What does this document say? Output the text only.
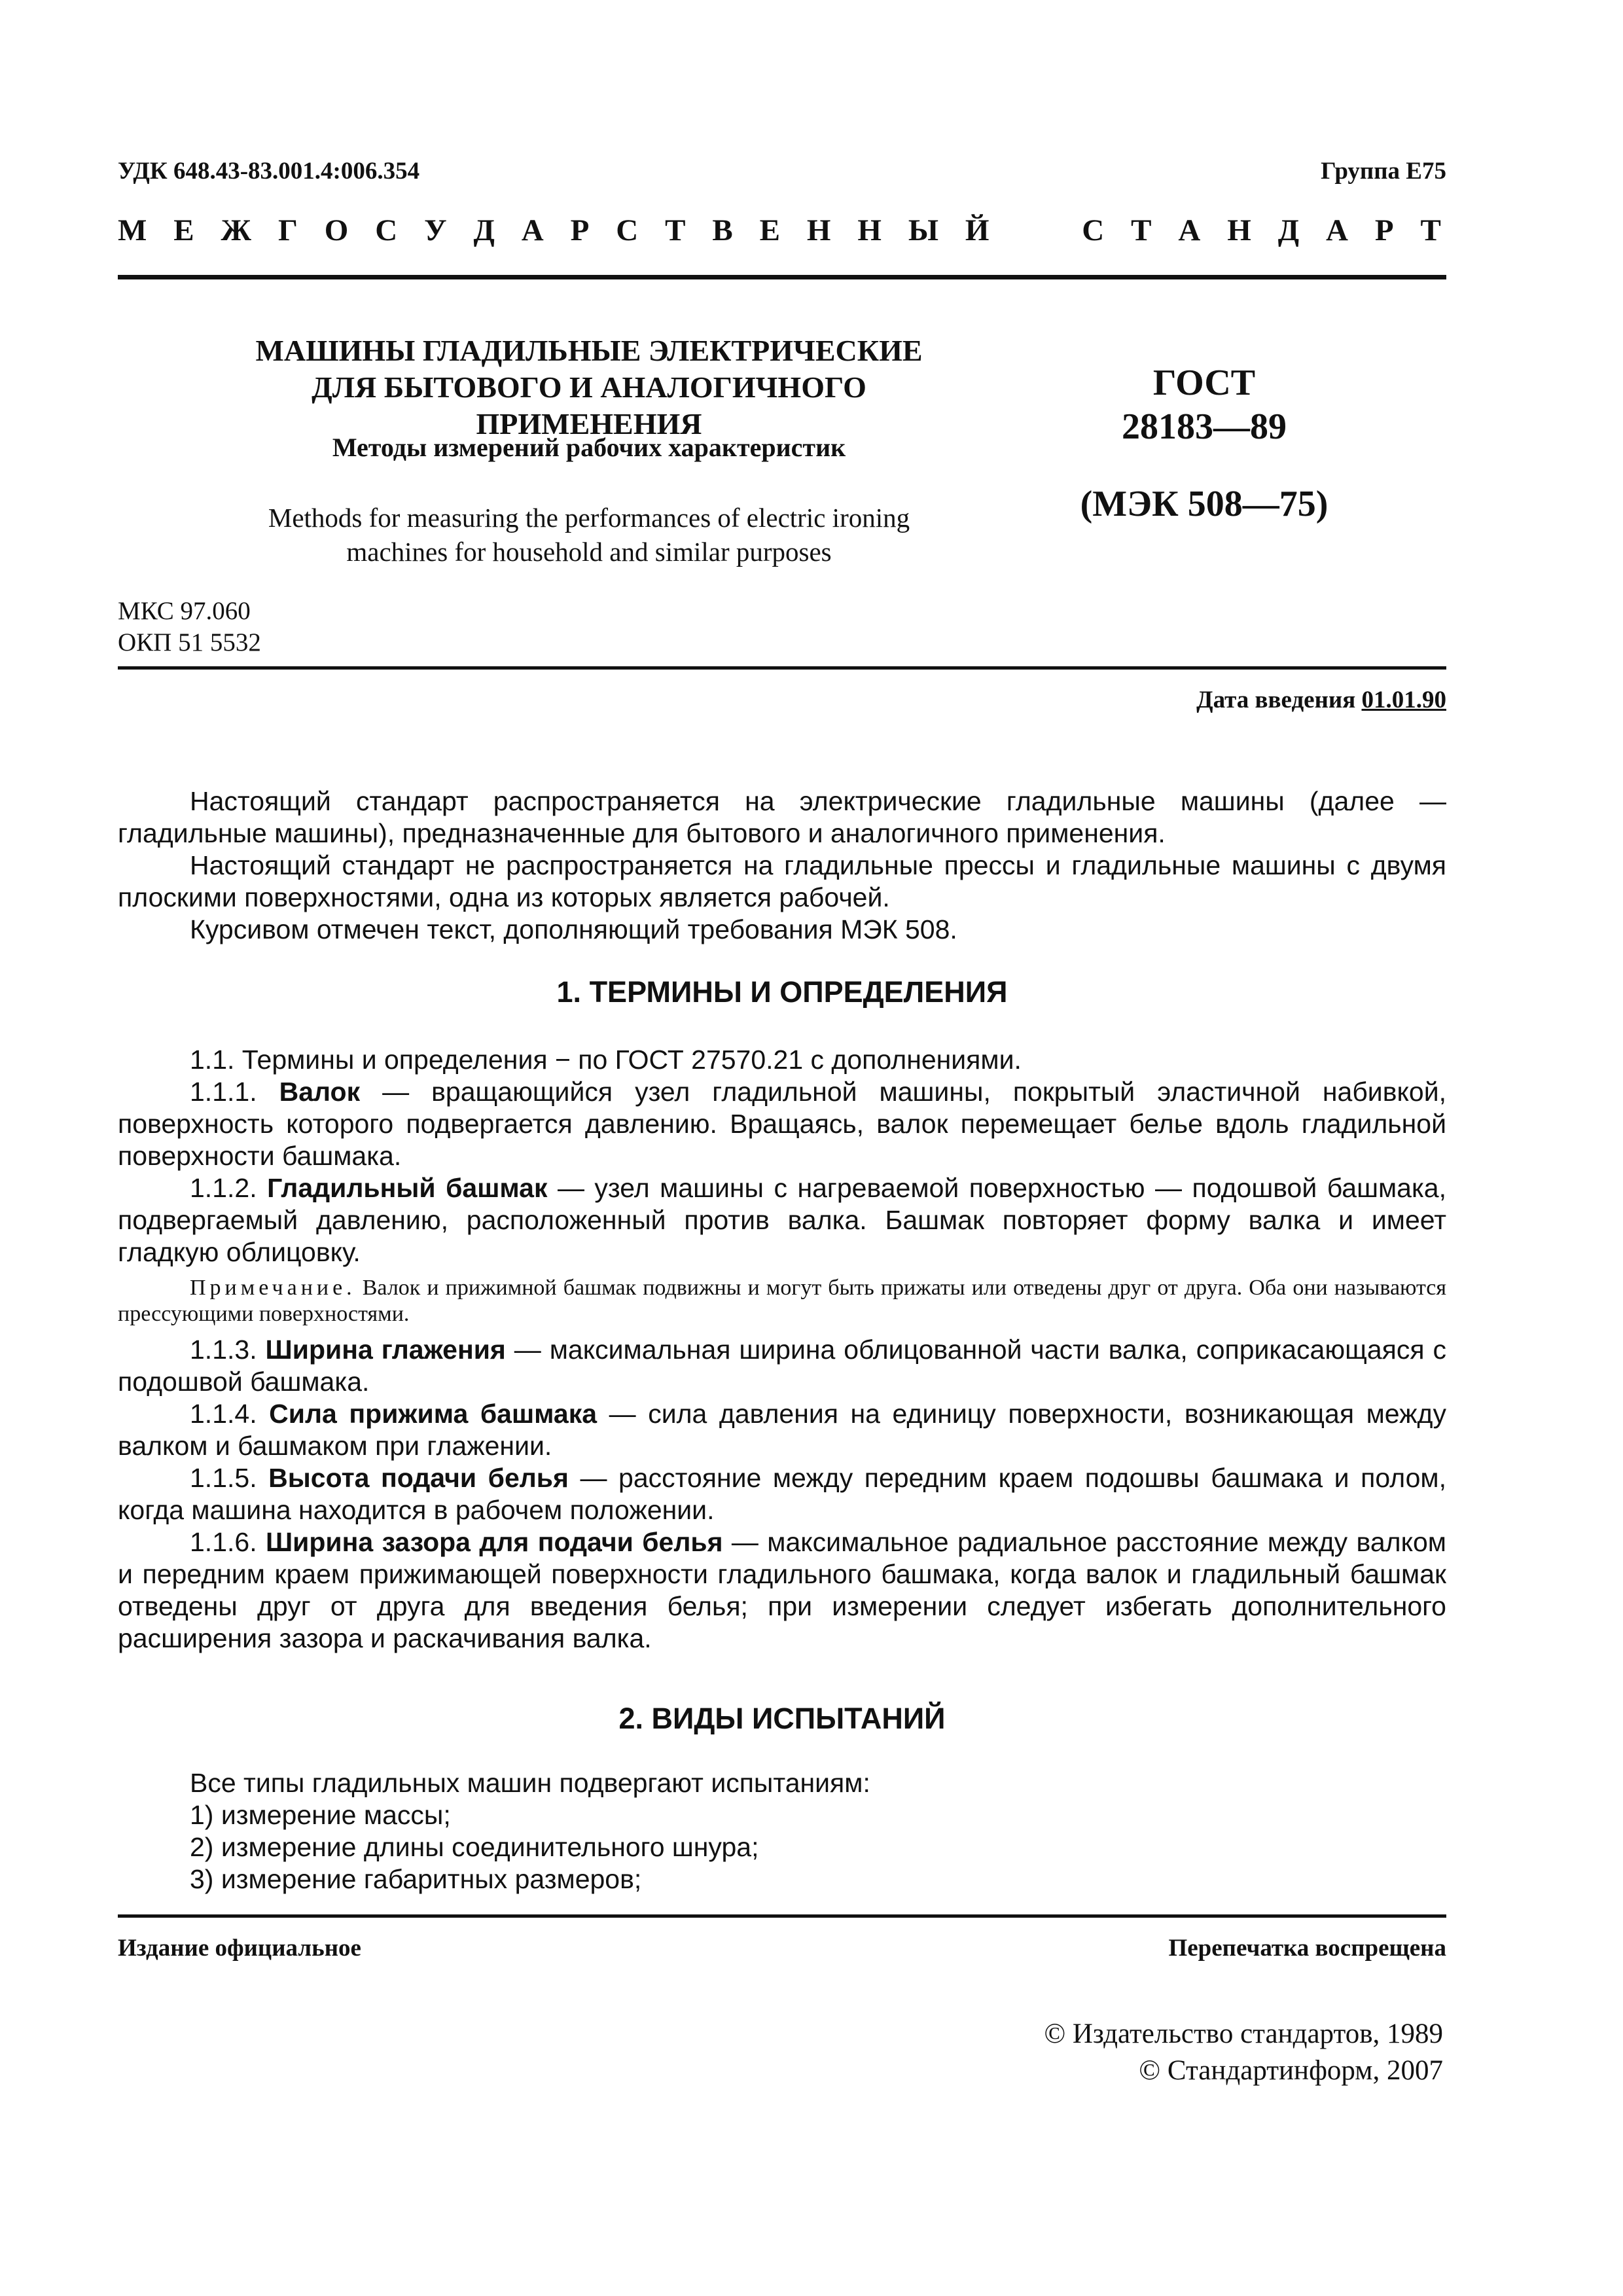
УДК 648.43-83.001.4:006.354	Группа Е75
М Е Ж Г О С У Д А Р С Т В Е Н Н Ы Й	С Т А Н Д А Р Т
МАШИНЫ ГЛАДИЛЬНЫЕ ЭЛЕКТРИЧЕСКИЕ
ДЛЯ БЫТОВОГО И АНАЛОГИЧНОГО ПРИМЕНЕНИЯ
Методы измерений рабочих характеристик
Methods for measuring the performances of electric ironing
machines for household and similar purposes
ГОСТ
28183—89
(МЭК 508—75)
МКС 97.060
ОКП 51 5532
Дата введения 01.01.90

Настоящий стандарт распространяется на электрические гладильные машины (далее — гладильные машины), предназначенные для бытового и аналогичного применения.

Настоящий стандарт не распространяется на гладильные прессы и гладильные машины с двумя плоскими поверхностями, одна из которых является рабочей.

Курсивом отмечен текст, дополняющий требования МЭК 508.

1. ТЕРМИНЫ И ОПРЕДЕЛЕНИЯ

1.1. Термины и определения − по ГОСТ 27570.21 с дополнениями.

1.1.1. Валок — вращающийся узел гладильной машины, покрытый эластичной набивкой, поверхность которого подвергается давлению. Вращаясь, валок перемещает белье вдоль гладильной поверхности башмака.

1.1.2. Гладильный башмак — узел машины с нагреваемой поверхностью — подошвой башмака, подвергаемый давлению, расположенный против валка. Башмак повторяет форму валка и имеет гладкую облицовку.

Примечание. Валок и прижимной башмак подвижны и могут быть прижаты или отведены друг от друга. Оба они называются прессующими поверхностями.

1.1.3. Ширина глажения — максимальная ширина облицованной части валка, соприкасающаяся с подошвой башмака.

1.1.4. Сила прижима башмака — сила давления на единицу поверхности, возникающая между валком и башмаком при глажении.

1.1.5. Высота подачи белья — расстояние между передним краем подошвы башмака и полом, когда машина находится в рабочем положении.

1.1.6. Ширина зазора для подачи белья — максимальное радиальное расстояние между валком и передним краем прижимающей поверхности гладильного башмака, когда валок и гладильный башмак отведены друг от друга для введения белья; при измерении следует избегать дополнительного расширения зазора и раскачивания валка.

2. ВИДЫ ИСПЫТАНИЙ

Все типы гладильных машин подвергают испытаниям:

1) измерение массы;

2) измерение длины соединительного шнура;

3) измерение габаритных размеров;

Издание официальное	Перепечатка воспрещена
© Издательство стандартов, 1989
© Стандартинформ, 2007
